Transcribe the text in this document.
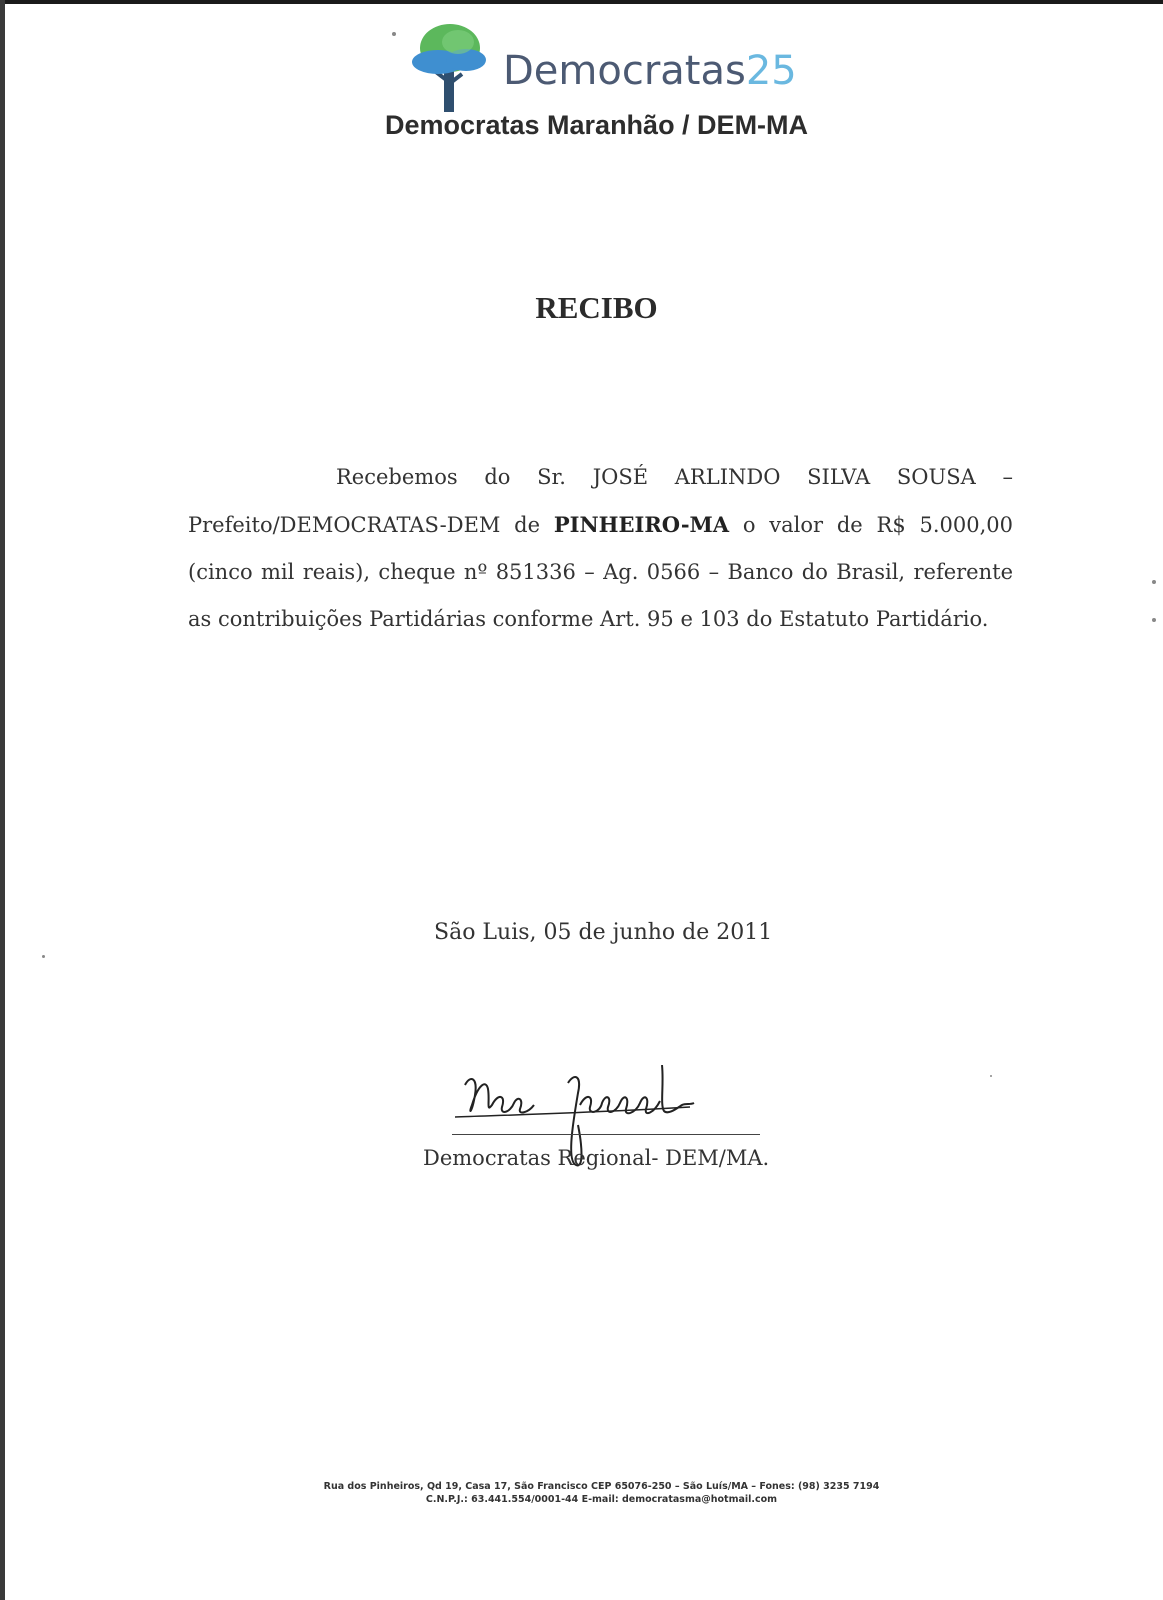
Democratas25
Democratas Maranhão / DEM-MA
RECIBO

Recebemos do Sr. JOSÉ ARLINDO SILVA SOUSA – Prefeito/DEMOCRATAS-DEM de PINHEIRO-MA o valor de R$ 5.000,00 (cinco mil reais), cheque nº 851336 – Ag. 0566 – Banco do Brasil, referente as contribuições Partidárias conforme Art. 95 e 103 do Estatuto Partidário.

São Luis, 05 de junho de 2011
Democratas Regional- DEM/MA.
Rua dos Pinheiros, Qd 19, Casa 17, São Francisco CEP 65076-250 – São Luís/MA – Fones: (98) 3235 7194
C.N.P.J.: 63.441.554/0001-44 E-mail: democratasma@hotmail.com
